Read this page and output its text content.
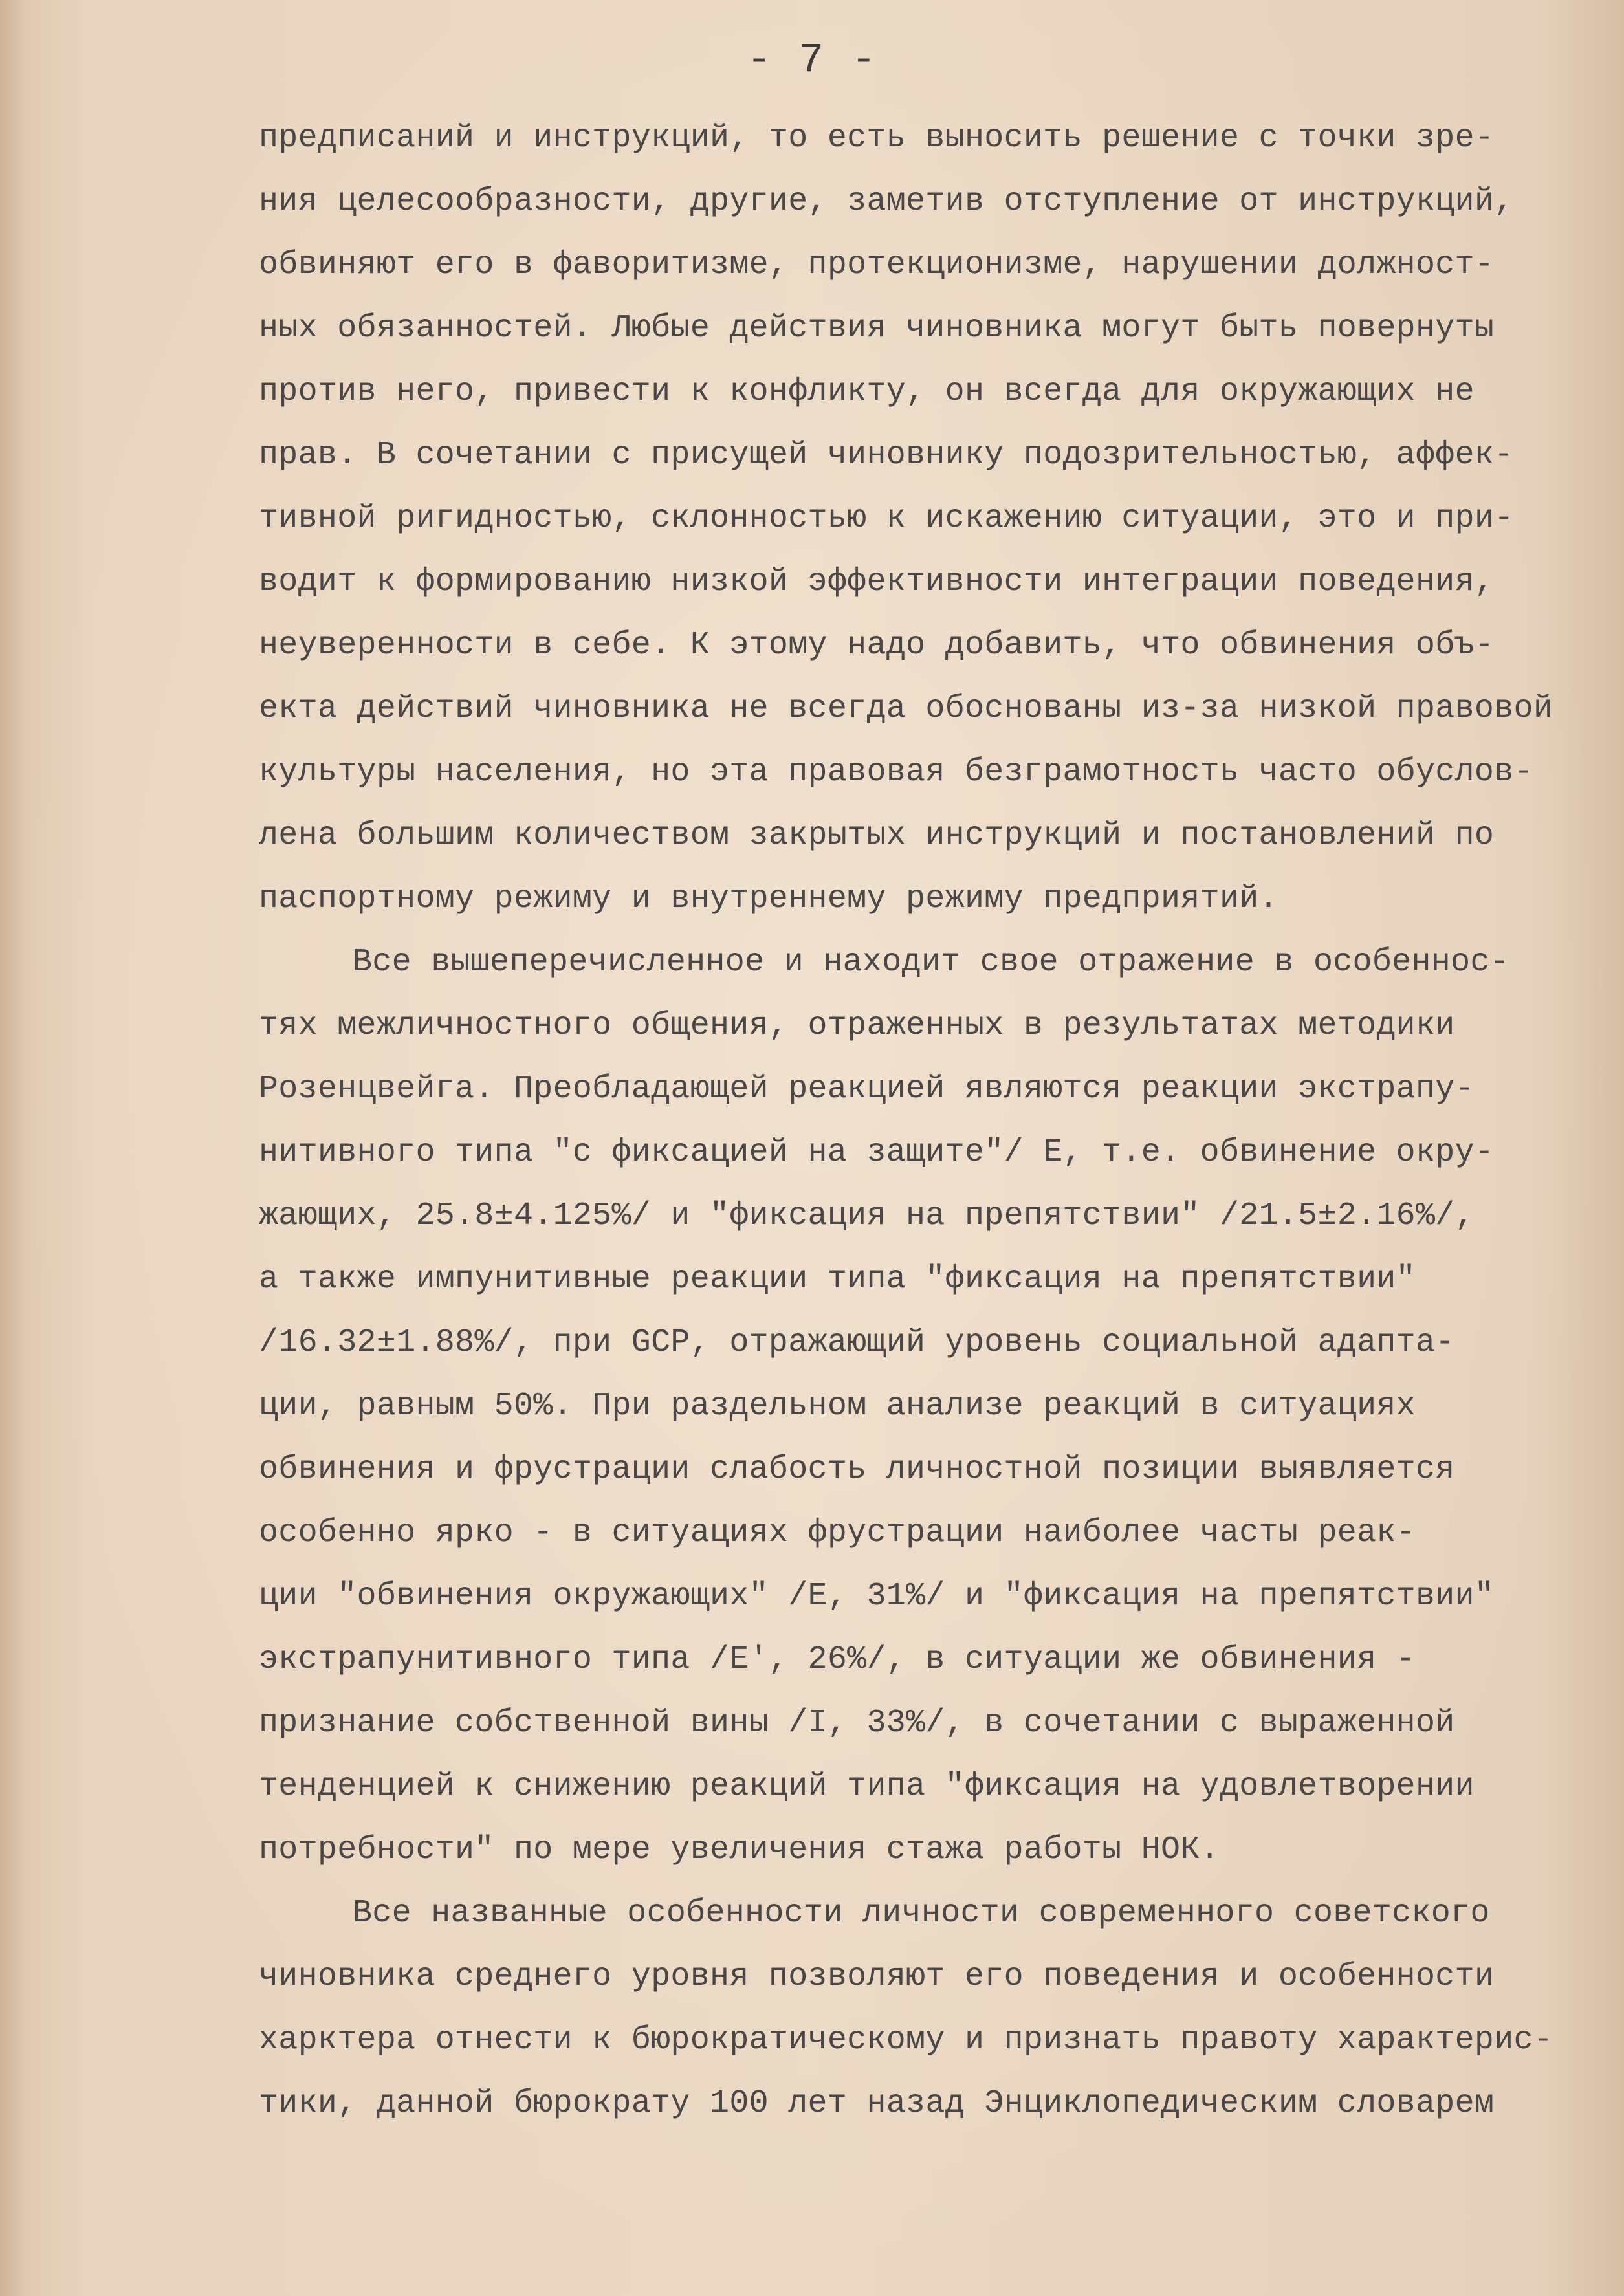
- 7 -
предписаний и инструкций, то есть выносить решение с точки зре-
ния целесообразности, другие, заметив отступление от инструкций,
обвиняют его в фаворитизме, протекционизме, нарушении должност-
ных обязанностей. Любые действия чиновника могут быть повернуты
против него, привести к конфликту, он всегда для окружающих не
прав. В сочетании с присущей чиновнику подозрительностью, аффек-
тивной ригидностью, склонностью к искажению ситуации, это и при-
водит к формированию низкой эффективности интеграции поведения,
неуверенности в себе. К этому надо добавить, что обвинения объ-
екта действий чиновника не всегда обоснованы из-за низкой правовой
культуры населения, но эта правовая безграмотность часто обуслов-
лена большим количеством закрытых инструкций и постановлений по
паспортному режиму и внутреннему режиму предприятий.
Все вышеперечисленное и находит свое отражение в особеннос-
тях межличностного общения, отраженных в результатах методики
Розенцвейга. Преобладающей реакцией являются реакции экстрапу-
нитивного типа "с фиксацией на защите"/ E, т.е. обвинение окру-
жающих, 25.8±4.125%/ и "фиксация на препятствии" /21.5±2.16%/,
а также импунитивные реакции типа "фиксация на препятствии"
/16.32±1.88%/, при GCP, отражающий уровень социальной адапта-
ции, равным 50%. При раздельном анализе реакций в ситуациях
обвинения и фрустрации слабость личностной позиции выявляется
особенно ярко - в ситуациях фрустрации наиболее часты реак-
ции "обвинения окружающих" /E, 31%/ и "фиксация на препятствии"
экстрапунитивного типа /E', 26%/, в ситуации же обвинения -
признание собственной вины /I, 33%/, в сочетании с выраженной
тенденцией к снижению реакций типа "фиксация на удовлетворении
потребности" по мере увеличения стажа работы НОК.
Все названные особенности личности современного советского
чиновника среднего уровня позволяют его поведения и особенности
харктера отнести к бюрократическому и признать правоту характерис-
тики, данной бюрократу 100 лет назад Энциклопедическим словарем
